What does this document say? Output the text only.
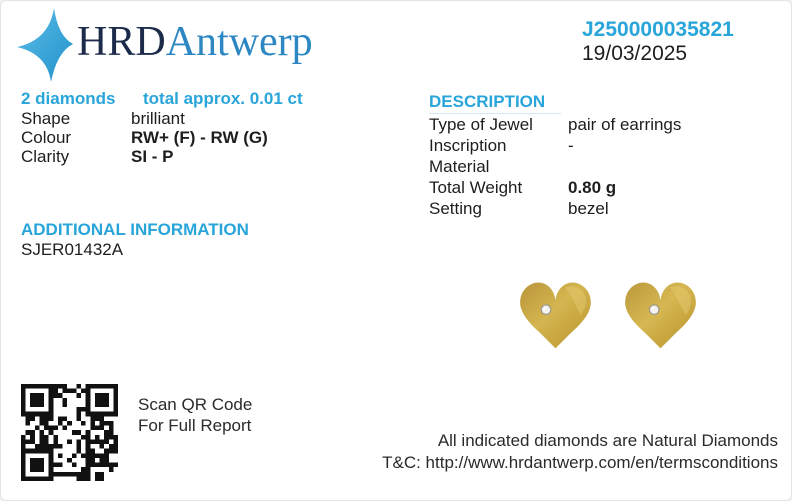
HRDAntwerp	J250000035821
19/03/2025
2 diamonds	total approx. 0.01 ct
Shape	brilliant
Colour	RW+ (F) - RW (G)
Clarity	SI - P
ADDITIONAL INFORMATION
SJER01432A
DESCRIPTION
Type of Jewel	pair of earrings
Inscription	-
Material
Total Weight	0.80 g
Setting	bezel
Scan QR Code
For Full Report
All indicated diamonds are Natural Diamonds
T&C: http://www.hrdantwerp.com/en/termsconditions
